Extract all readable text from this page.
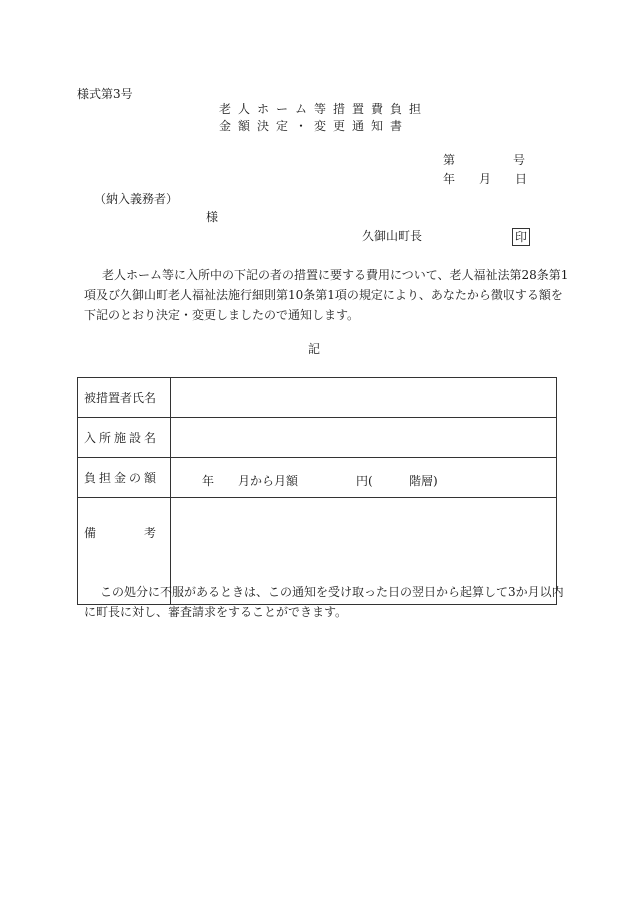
様式第3号
老人ホーム等措置費負担
金額決定・変更通知書
第	号
年 月 日
（納入義務者）
様
久御山町長	印
老人ホーム等に入所中の下記の者の措置に要する費用について、老人福祉法第28条第1
項及び久御山町老人福祉法施行細則第10条第1項の規定により、あなたから徴収する額を
下記のとおり決定・変更しましたので通知します。
記
被措置者氏名	

入 所 施 設 名	

負 担 金 の 額	年 月から月額 円( 階層)

備 考	

この処分に不服があるときは、この通知を受け取った日の翌日から起算して3か月以内
に町長に対し、審査請求をすることができます。
